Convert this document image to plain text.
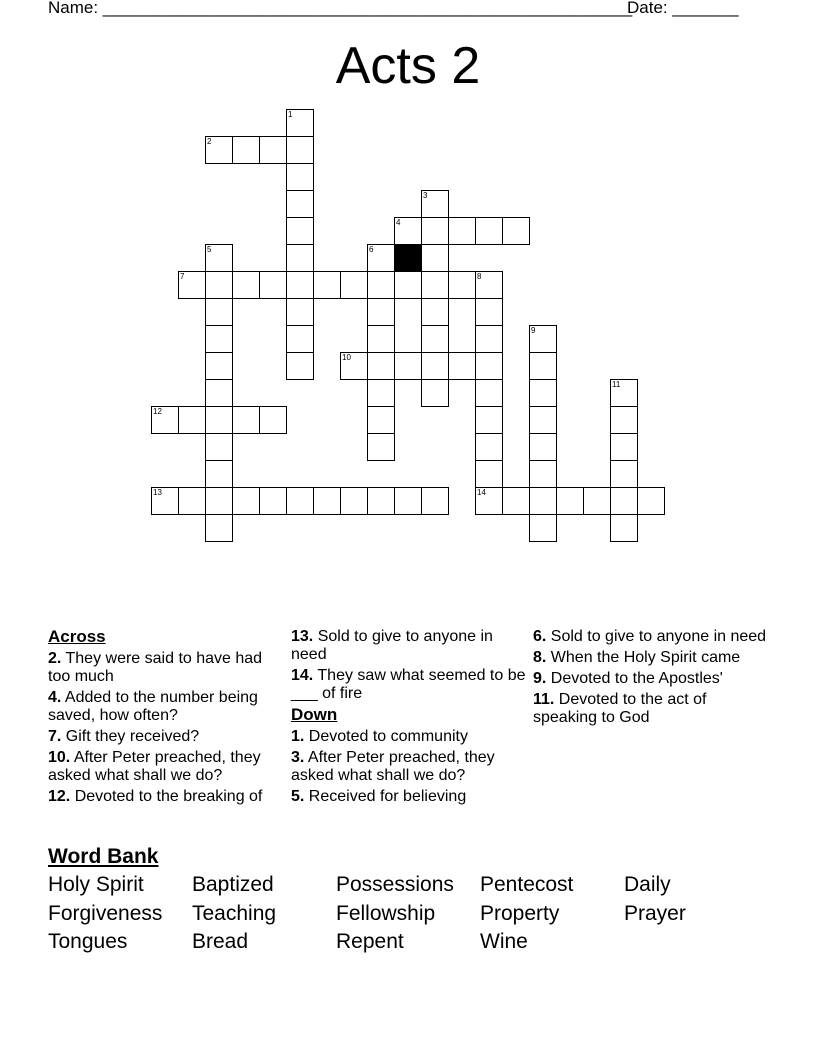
Name: ________________________________________________________
Date: _______
Acts 2
2
4
7
10
12
13	14
1
3
5	6
8
9
11
Across
2. They were said to have had too much
4. Added to the number being saved, how often?
7. Gift they received?
10. After Peter preached, they asked what shall we do?
12. Devoted to the breaking of
13. Sold to give to anyone in need
14. They saw what seemed to be ___ of fire
Down
1. Devoted to community
3. After Peter preached, they asked what shall we do?
5. Received for believing
6. Sold to give to anyone in need
8. When the Holy Spirit came
9. Devoted to the Apostles'
11. Devoted to the act of speaking to God
Word Bank
Holy Spirit	Baptized	Possessions	Pentecost	Daily
Forgiveness	Teaching	Fellowship	Property	Prayer
Tongues	Bread	Repent	Wine
